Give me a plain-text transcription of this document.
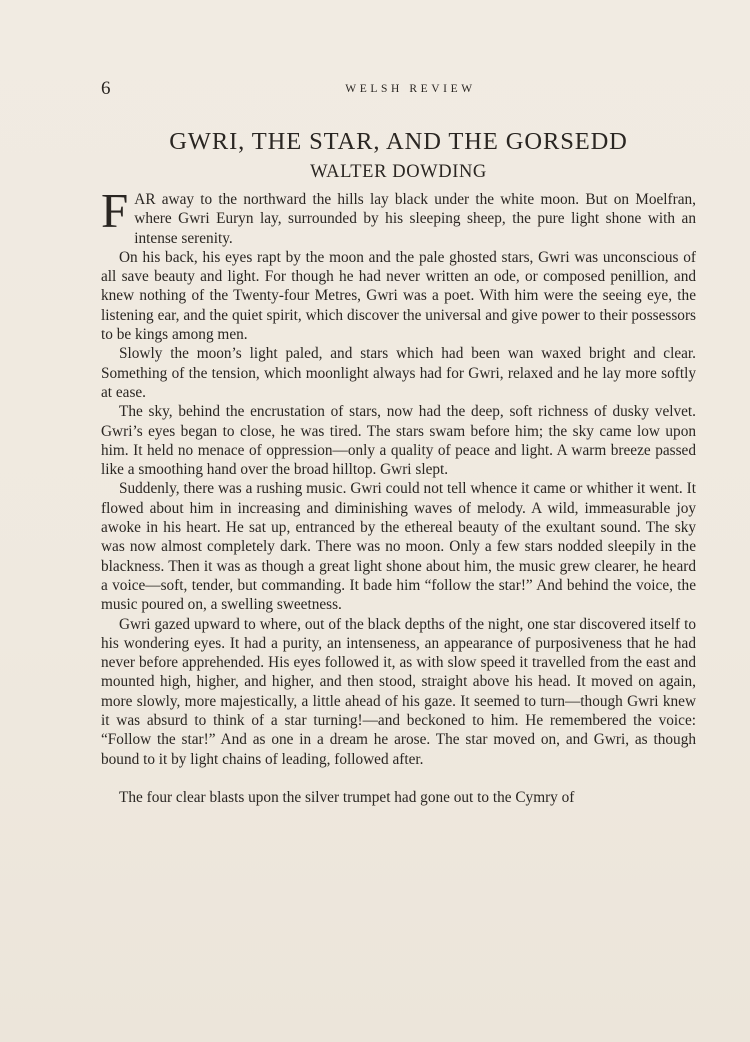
6	WELSH REVIEW
GWRI, THE STAR, AND THE GORSEDD
WALTER DOWDING

FAR away to the northward the hills lay black under the white moon. But on Moelfran, where Gwri Euryn lay, surrounded by his sleeping sheep, the pure light shone with an intense serenity.

On his back, his eyes rapt by the moon and the pale ghosted stars, Gwri was unconscious of all save beauty and light. For though he had never written an ode, or composed penillion, and knew nothing of the Twenty-four Metres, Gwri was a poet. With him were the seeing eye, the listening ear, and the quiet spirit, which discover the universal and give power to their possessors to be kings among men.

Slowly the moon’s light paled, and stars which had been wan waxed bright and clear. Something of the tension, which moonlight always had for Gwri, relaxed and he lay more softly at ease.

The sky, behind the encrustation of stars, now had the deep, soft richness of dusky velvet. Gwri’s eyes began to close, he was tired. The stars swam before him; the sky came low upon him. It held no menace of oppression—only a quality of peace and light. A warm breeze passed like a smoothing hand over the broad hilltop. Gwri slept.

Suddenly, there was a rushing music. Gwri could not tell whence it came or whither it went. It flowed about him in increasing and diminishing waves of melody. A wild, immeasurable joy awoke in his heart. He sat up, entranced by the ethereal beauty of the exultant sound. The sky was now almost completely dark. There was no moon. Only a few stars nodded sleepily in the blackness. Then it was as though a great light shone about him, the music grew clearer, he heard a voice—soft, tender, but commanding. It bade him “follow the star!” And behind the voice, the music poured on, a swelling sweetness.

Gwri gazed upward to where, out of the black depths of the night, one star discovered itself to his wondering eyes. It had a purity, an intenseness, an appearance of purposiveness that he had never before apprehended. His eyes followed it, as with slow speed it travelled from the east and mounted high, higher, and higher, and then stood, straight above his head. It moved on again, more slowly, more majestically, a little ahead of his gaze. It seemed to turn—though Gwri knew it was absurd to think of a star turning!—and beckoned to him. He remembered the voice: “Follow the star!” And as one in a dream he arose. The star moved on, and Gwri, as though bound to it by light chains of leading, followed after.

The four clear blasts upon the silver trumpet had gone out to the Cymry of
